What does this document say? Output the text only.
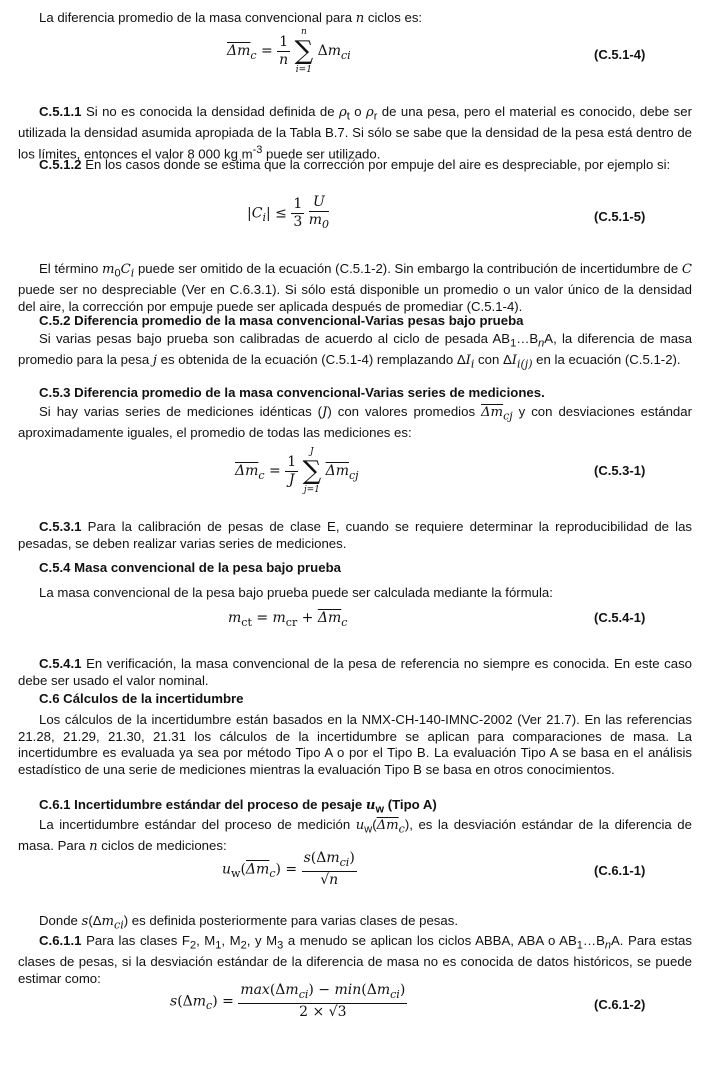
La diferencia promedio de la masa convencional para n ciclos es:

$\overline{\Delta m}_c = \frac{1}{n}$

n
∑
i=1
$\Delta m_{ci}$	(C.5.1-4)

C.5.1.1 Si no es conocida la densidad definida de $\rho_t$ o $\rho_r$ de una pesa, pero el material es conocido, debe ser utilizada la densidad asumida apropiada de la Tabla B.7. Si sólo se sabe que la densidad de la pesa está dentro de los límites, entonces el valor 8 000 kg $m^{-3}$ puede ser utilizado.

C.5.1.2 En los casos donde se estima que la corrección por empuje del aire es despreciable, por ejemplo si:

$|C_i| \le \frac{1}{3}$
$\frac{U}{m_0}$	(C.5.1-5)

El término $m_0C_i$ puede ser omitido de la ecuación (C.5.1-2). Sin embargo la contribución de incertidumbre de C puede ser no despreciable (Ver en C.6.3.1). Si sólo está disponible un promedio o un valor único de la densidad del aire, la corrección por empuje puede ser aplicada después de promediar (C.5.1-4).

C.5.2 Diferencia promedio de la masa convencional-Varias pesas bajo prueba

Si varias pesas bajo prueba son calibradas de acuerdo al ciclo de pesada $AB_1\dots B_nA$, la diferencia de masa promedio para la pesa j es obtenida de la ecuación (C.5.1-4) remplazando $\Delta I_i$ con $\Delta I_{i(j)}$ en la ecuación (C.5.1-2).

C.5.3 Diferencia promedio de la masa convencional-Varias series de mediciones.

Si hay varias series de mediciones idénticas (J) con valores promedios $\overline{\Delta m}_{cj}$ y con desviaciones estándar aproximadamente iguales, el promedio de todas las mediciones es:

$\overline{\Delta m}_c = \frac{1}{J}$

J
∑
j=1
$\overline{\Delta m}_{cj}$	(C.5.3-1)

C.5.3.1 Para la calibración de pesas de clase E, cuando se requiere determinar la reproducibilidad de las pesadas, se deben realizar varias series de mediciones.

C.5.4 Masa convencional de la pesa bajo prueba

La masa convencional de la pesa bajo prueba puede ser calculada mediante la fórmula:

$m_{ct} = m_{cr} + \overline{\Delta m}_c$	(C.5.4-1)

C.5.4.1 En verificación, la masa convencional de la pesa de referencia no siempre es conocida. En este caso debe ser usado el valor nominal.

C.6 Cálculos de la incertidumbre

Los cálculos de la incertidumbre están basados en la NMX-CH-140-IMNC-2002 (Ver 21.7). En las referencias 21.28, 21.29, 21.30, 21.31 los cálculos de la incertidumbre se aplican para comparaciones de masa. La incertidumbre es evaluada ya sea por método Tipo A o por el Tipo B. La evaluación Tipo A se basa en el análisis estadístico de una serie de mediciones mientras la evaluación Tipo B se basa en otros conocimientos.

C.6.1 Incertidumbre estándar del proceso de pesaje $u_w$ (Tipo A)

La incertidumbre estándar del proceso de medición $u_w(\overline{\Delta m}_c)$, es la desviación estándar de la diferencia de masa. Para n ciclos de mediciones:

$u_w(\overline{\Delta m}_c) = \frac{s(\Delta m_{ci})}{√n}$	(C.6.1-1)

Donde $s(\Delta m_{ci})$ es definida posteriormente para varias clases de pesas.

C.6.1.1 Para las clases $F_2$, $M_1$, $M_2$, y $M_3$ a menudo se aplican los ciclos ABBA, ABA o $AB_1\dots B_nA$. Para estas clases de pesas, si la desviación estándar de la diferencia de masa no es conocida de datos históricos, se puede estimar como:

$s(\Delta m_c) = \frac{\max(\Delta m_{ci}) - \min(\Delta m_{ci})}{2 \times √3}$	(C.6.1-2)
